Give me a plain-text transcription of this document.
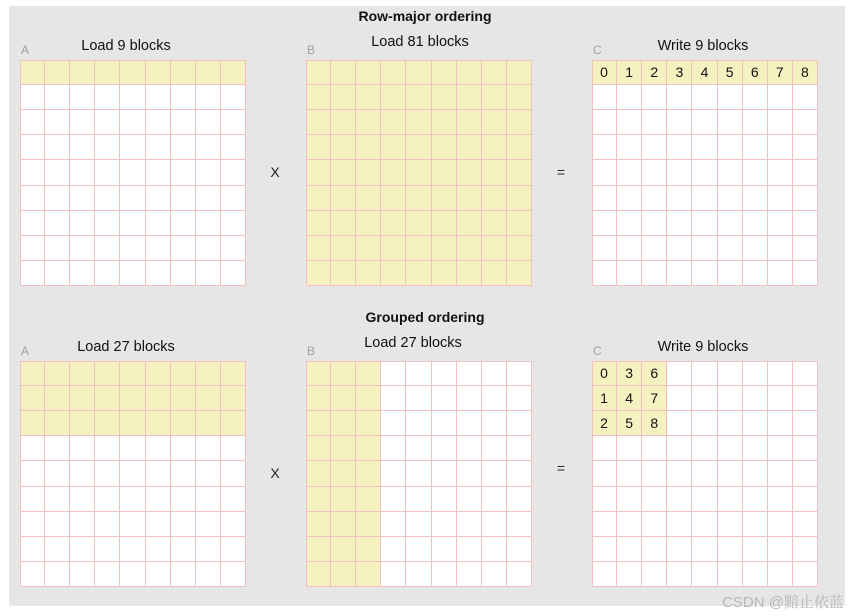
Row-major ordering
A	Load 9 blocks	B	Load 81 blocks	C	Write 9 blocks
0	1	2	3	4	5	6	7	8
X	=
Grouped ordering
A	Load 27 blocks	B	Load 27 blocks	C	Write 9 blocks
0	3	6
1	4	7
2	5	8
X	=
CSDN @黯止依蓝
